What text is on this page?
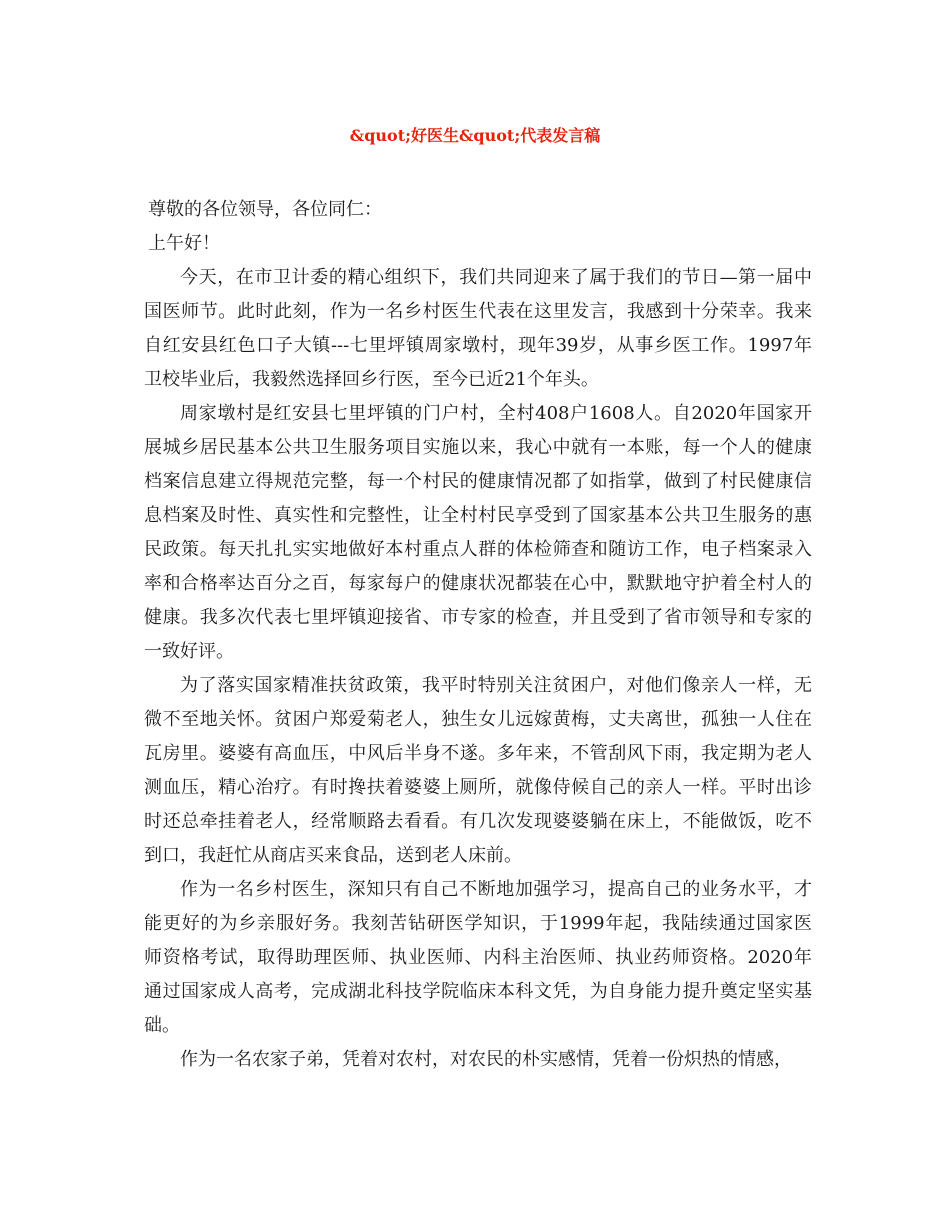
&quot;好医生&quot;代表发言稿

尊敬的各位领导，各位同仁：

上午好！

今天，在市卫计委的精心组织下，我们共同迎来了属于我们的节日—第一届中
国医师节。此时此刻，作为一名乡村医生代表在这里发言，我感到十分荣幸。我来
自红安县红色口子大镇---七里坪镇周家墩村，现年39岁，从事乡医工作。1997年
卫校毕业后，我毅然选择回乡行医，至今已近21个年头。

周家墩村是红安县七里坪镇的门户村，全村408户1608人。自2020年国家开
展城乡居民基本公共卫生服务项目实施以来，我心中就有一本账，每一个人的健康
档案信息建立得规范完整，每一个村民的健康情况都了如指掌，做到了村民健康信
息档案及时性、真实性和完整性，让全村村民享受到了国家基本公共卫生服务的惠
民政策。每天扎扎实实地做好本村重点人群的体检筛查和随访工作，电子档案录入
率和合格率达百分之百，每家每户的健康状况都装在心中，默默地守护着全村人的
健康。我多次代表七里坪镇迎接省、市专家的检查，并且受到了省市领导和专家的
一致好评。

为了落实国家精准扶贫政策，我平时特别关注贫困户，对他们像亲人一样，无
微不至地关怀。贫困户郑爱菊老人，独生女儿远嫁黄梅，丈夫离世，孤独一人住在
瓦房里。婆婆有高血压，中风后半身不遂。多年来，不管刮风下雨，我定期为老人
测血压，精心治疗。有时搀扶着婆婆上厕所，就像侍候自己的亲人一样。平时出诊
时还总牵挂着老人，经常顺路去看看。有几次发现婆婆躺在床上，不能做饭，吃不
到口，我赶忙从商店买来食品，送到老人床前。

作为一名乡村医生，深知只有自己不断地加强学习，提高自己的业务水平，才
能更好的为乡亲服好务。我刻苦钻研医学知识，于1999年起，我陆续通过国家医
师资格考试，取得助理医师、执业医师、内科主治医师、执业药师资格。2020年
通过国家成人高考，完成湖北科技学院临床本科文凭，为自身能力提升奠定坚实基
础。

作为一名农家子弟，凭着对农村，对农民的朴实感情，凭着一份炽热的情感，
